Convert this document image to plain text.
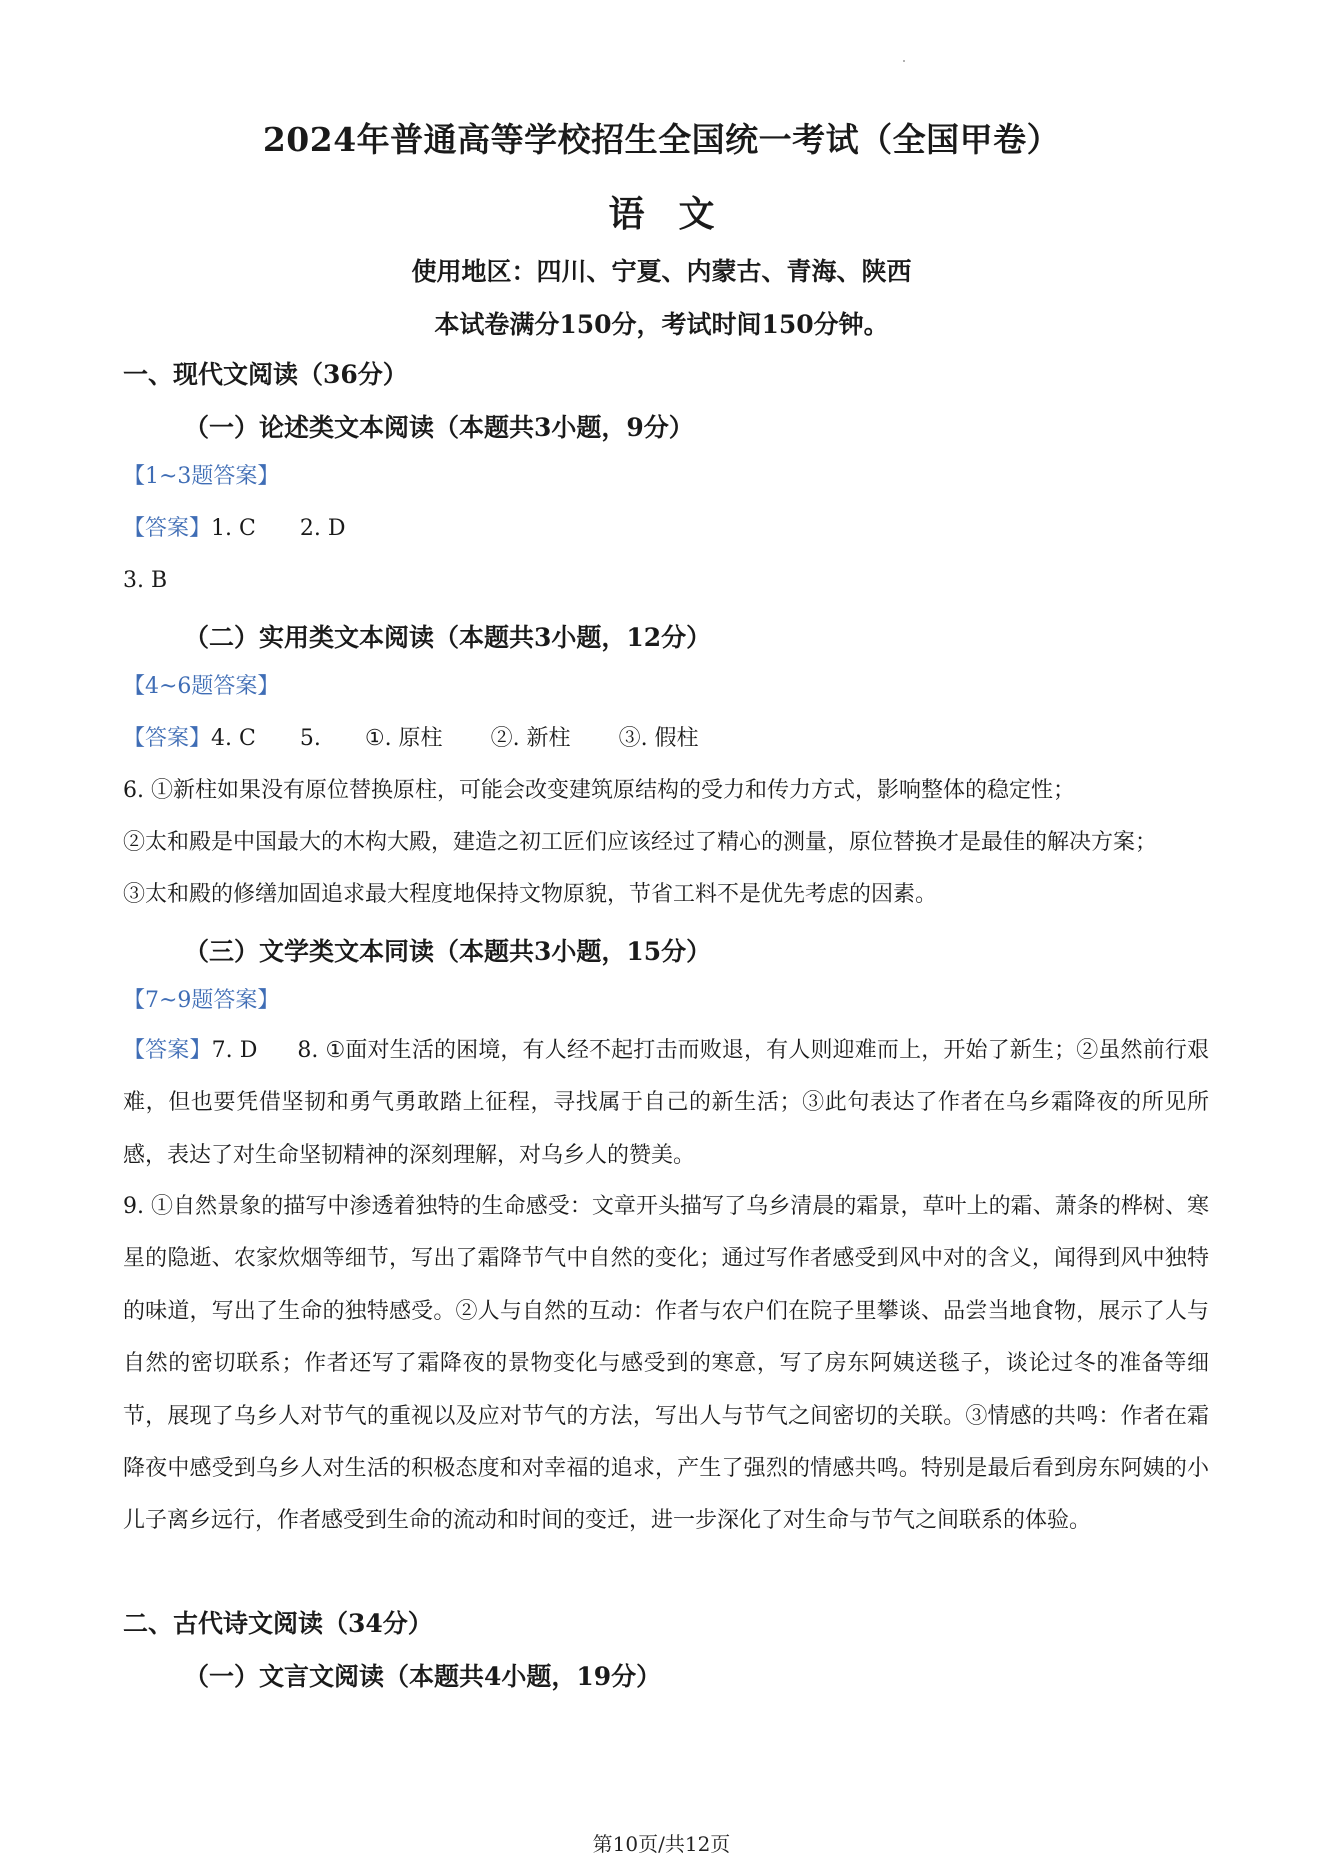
2024年普通高等学校招生全国统一考试（全国甲卷）
语文
使用地区：四川、宁夏、内蒙古、青海、陕西
本试卷满分150分，考试时间150分钟。
一、现代文阅读（36分）
（一）论述类文本阅读（本题共3小题，9分）
【1~3题答案】
【答案】1. C 2. D
3. B
（二）实用类文本阅读（本题共3小题，12分）
【4~6题答案】
【答案】4. C 5. ①. 原柱 ②. 新柱 ③. 假柱
6. ①新柱如果没有原位替换原柱，可能会改变建筑原结构的受力和传力方式，影响整体的稳定性；
②太和殿是中国最大的木构大殿，建造之初工匠们应该经过了精心的测量，原位替换才是最佳的解决方案；
③太和殿的修缮加固追求最大程度地保持文物原貌，节省工料不是优先考虑的因素。
（三）文学类文本同读（本题共3小题，15分）
【7~9题答案】
【答案】7. D 8. ①面对生活的困境，有人经不起打击而败退，有人则迎难而上，开始了新生；②虽然前行艰难，但也要凭借坚韧和勇气勇敢踏上征程，寻找属于自己的新生活；③此句表达了作者在乌乡霜降夜的所见所感，表达了对生命坚韧精神的深刻理解，对乌乡人的赞美。
9. ①自然景象的描写中渗透着独特的生命感受：文章开头描写了乌乡清晨的霜景，草叶上的霜、萧条的桦树、寒星的隐逝、农家炊烟等细节，写出了霜降节气中自然的变化；通过写作者感受到风中对的含义，闻得到风中独特的味道，写出了生命的独特感受。②人与自然的互动：作者与农户们在院子里攀谈、品尝当地食物，展示了人与自然的密切联系；作者还写了霜降夜的景物变化与感受到的寒意，写了房东阿姨送毯子，谈论过冬的准备等细节，展现了乌乡人对节气的重视以及应对节气的方法，写出人与节气之间密切的关联。③情感的共鸣：作者在霜降夜中感受到乌乡人对生活的积极态度和对幸福的追求，产生了强烈的情感共鸣。特别是最后看到房东阿姨的小儿子离乡远行，作者感受到生命的流动和时间的变迁，进一步深化了对生命与节气之间联系的体验。
二、古代诗文阅读（34分）
（一）文言文阅读（本题共4小题，19分）
第10页/共12页
